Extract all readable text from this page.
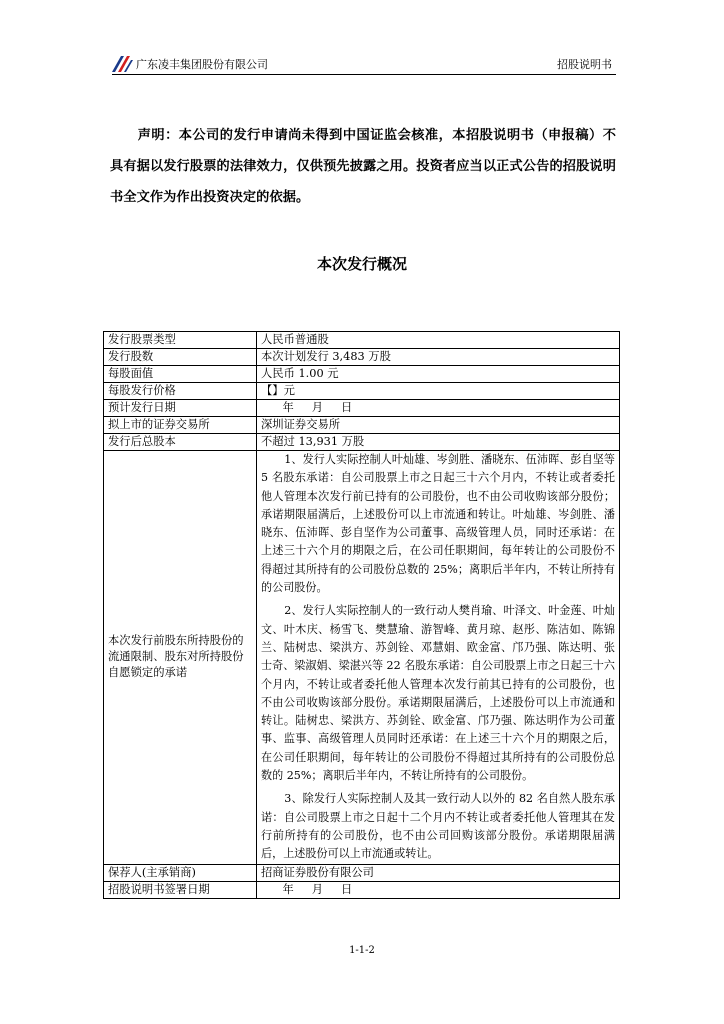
广东凌丰集团股份有限公司	招股说明书
声明：本公司的发行申请尚未得到中国证监会核准，本招股说明书（申报稿）不具有据以发行股票的法律效力，仅供预先披露之用。投资者应当以正式公告的招股说明书全文作为作出投资决定的依据。
本次发行概况
发行股票类型	人民币普通股
发行股数	本次计划发行 3,483 万股
每股面值	人民币 1.00 元
每股发行价格	【】元
预计发行日期	年     月     日
拟上市的证券交易所	深圳证券交易所
发行后总股本	不超过 13,931 万股
本次发行前股东所持股份的流通限制、股东对所持股份自愿锁定的承诺	1、发行人实际控制人叶灿雄、岑剑胜、潘晓东、伍沛晖、彭自坚等 5 名股东承诺：自公司股票上市之日起三十六个月内，不转让或者委托他人管理本次发行前已持有的公司股份，也不由公司收购该部分股份；承诺期限届满后，上述股份可以上市流通和转让。叶灿雄、岑剑胜、潘晓东、伍沛晖、彭自坚作为公司董事、高级管理人员，同时还承诺：在上述三十六个月的期限之后，在公司任职期间，每年转让的公司股份不得超过其所持有的公司股份总数的 25%；离职后半年内，不转让所持有的公司股份。

2、发行人实际控制人的一致行动人樊肖瑜、叶泽文、叶金莲、叶灿文、叶木庆、杨雪飞、樊慧瑜、游智峰、黄月琼、赵彤、陈洁如、陈锦兰、陆树忠、梁洪方、苏剑铨、邓慧娟、欧金富、邝乃强、陈达明、张士奇、梁淑娟、梁湛兴等 22 名股东承诺：自公司股票上市之日起三十六个月内，不转让或者委托他人管理本次发行前其已持有的公司股份，也不由公司收购该部分股份。承诺期限届满后，上述股份可以上市流通和转让。陆树忠、梁洪方、苏剑铨、欧金富、邝乃强、陈达明作为公司董事、监事、高级管理人员同时还承诺：在上述三十六个月的期限之后，在公司任职期间，每年转让的公司股份不得超过其所持有的公司股份总数的 25%；离职后半年内，不转让所持有的公司股份。

3、除发行人实际控制人及其一致行动人以外的 82 名自然人股东承诺：自公司股票上市之日起十二个月内不转让或者委托他人管理其在发行前所持有的公司股份，也不由公司回购该部分股份。承诺期限届满后，上述股份可以上市流通或转让。

保荐人(主承销商)	招商证券股份有限公司
招股说明书签署日期	年     月     日
1-1-2
